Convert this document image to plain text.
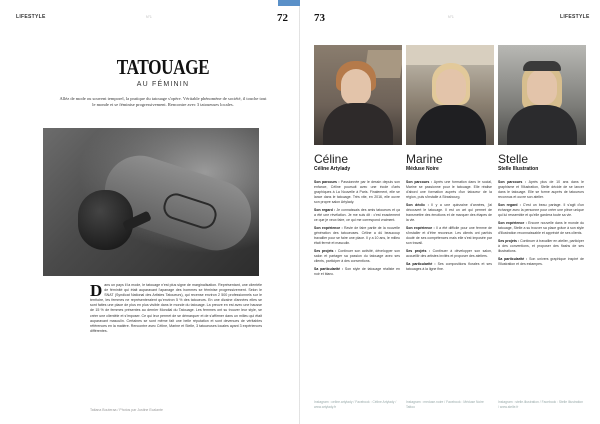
LIFESTYLE	N°1	72
TATOUAGE
AU FÉMININ
Alléz de mode ou souvent temporel, la pratique du tatouage s'opère. Véritable phénomène de société, il touche tout le monde et se féminise progressivement. Rencontre avec 3 tatoueuses locales.
D ans un pays il la mode, le tatouage n'est plus signe de marginalisation. Représentant, une clientèle de féminité qui était auparavant l'apanage des hommes se féminise progressivement. Selon le SNAT (Syndicat National des Artistes Tatoueurs), qui recense environ 2 500 professionnels sur le territoire, les femmes ne représenteraient qu'environ 5 % des tatoueurs. En une dizaine d'années elles se sont faites une place de plus en plus visible dans le monde du tatouage. La preuve en est avec une hausse de 15 % de femmes présentes au dernier Mondial du Tatouage. Les femmes ont su trouver leur style, se créer une clientèle et s'imposer. Ce qui leur permet de se démarquer et de s'affirmer dans un milieu qui était auparavant masculin. Certaines se sont même fait une belle réputation et sont devenues de véritables références en la matière. Rencontre avec Céline, Marine et Stelle, 3 tatoueuses locales ayant 3 expériences différentes.
Tatiana Bouteraa / Photos par Justine Ecalante
73	N°1	LIFESTYLE
Céline
Céline Artylady

Son parcours : Passionnée par le dessin depuis son enfance, Céline poursuit avec une école d'arts graphiques à La Nouvelle à Paris. Finalement, elle se lance dans le tatouage. Très vite, en 2016, elle ouvre son propre salon Artylady.

Son regard : Je connaissais des amis tatoueurs et ça a été une révélation. Je me suis dit : c'est exactement ce que je veux faire, ce qui me correspond vraiment.

Son expérience : Ravie de faire partie de la nouvelle génération des tatoueuses. Céline a dû beaucoup travailler pour se faire une place. Il y a 10 ans, le milieu était fermé et masculin.

Ses projets : Continuer son activité, développer son salon et partager sa passion du tatouage avec ses clients, participer à des conventions.

Sa particularité : Son style de tatouage réaliste en noir et blanc.

Instagram : celine.artylady / Facebook : Céline Artylady / www.artylady.fr
Marine
Méduse Noire

Son parcours : Après une formation dans le social, Marine se passionne pour le tatouage. Elle réalise d'abord une formation auprès d'un tatoueur de la région, puis s'installe à Strasbourg.

Son déclic : Il y a une quinzaine d'années, j'ai découvert le tatouage. Il est un art qui permet de transmettre des émotions et de marquer des étapes de la vie.

Son expérience : Il a été difficile pour une femme de s'installer et d'être reconnue. Les clients ont parfois douté de ses compétences mais elle s'est imposée par son travail.

Ses projets : Continuer à développer son salon, accueillir des artistes invités et proposer des ateliers.

Sa particularité : Ses compositions florales et ses tatouages à la ligne fine.

Instagram : meduse.noire / Facebook : Méduse Noire Tattoo
Stelle
Stelle Illustration

Son parcours : Après plus de 10 ans dans le graphisme et l'illustration, Stelle décide de se lancer dans le tatouage. Elle se forme auprès de tatoueurs reconnus et ouvre son atelier.

Son regard : C'est un beau partage. Il s'agit d'un échange avec la personne pour créer une pièce unique qui lui ressemble et qu'elle gardera toute sa vie.

Son expérience : Encore nouvelle dans le monde du tatouage, Stelle a su trouver sa place grâce à son style d'illustration reconnaissable et apprécié de ses clients.

Ses projets : Continuer à travailler en atelier, participer à des conventions, et proposer des flashs de ses illustrations.

Sa particularité : Son univers graphique inspiré de l'illustration et des estampes.

Instagram : stelle.illustration / Facebook : Stelle Illustration / www.stelle.fr
